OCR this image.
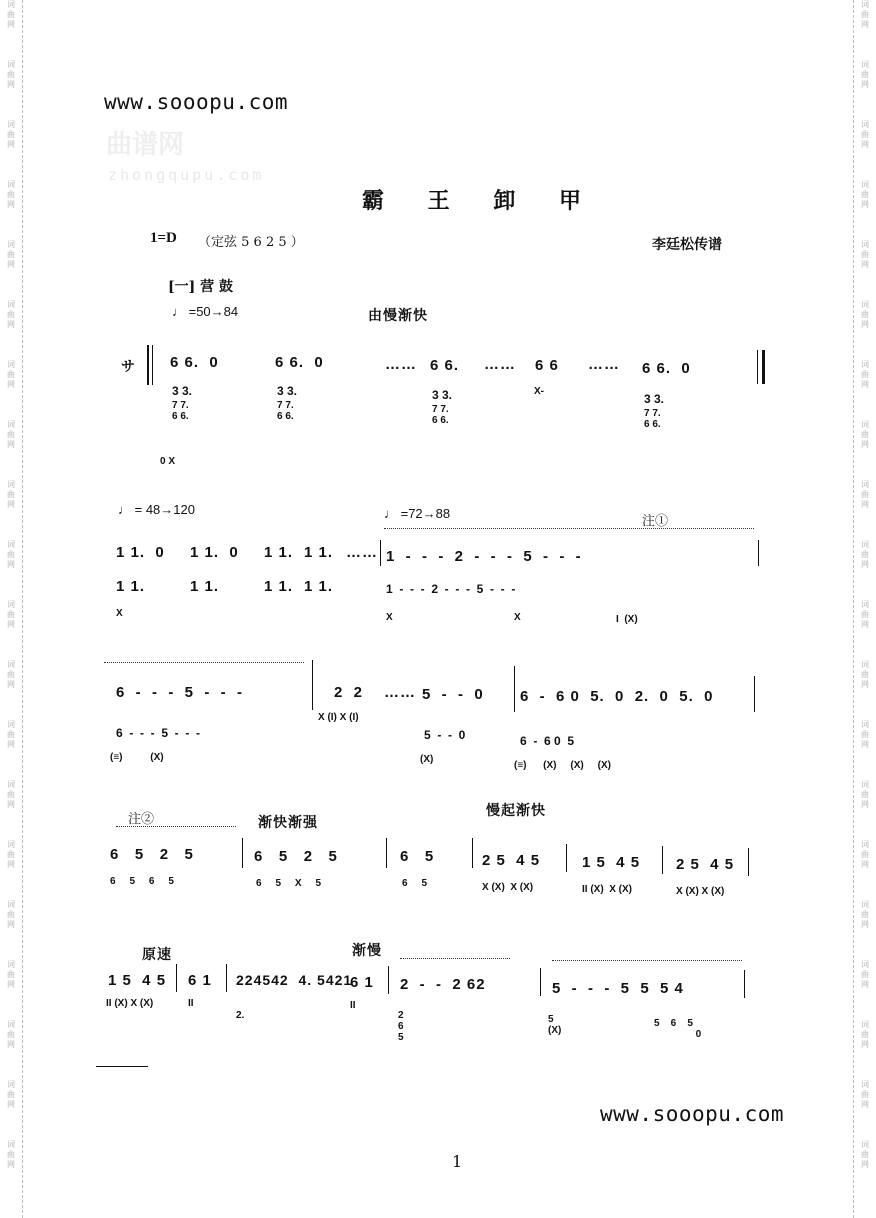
词
曲
网
词
曲
网
词
曲
网
词
曲
网
词
曲
网
词
曲
网
词
曲
网
词
曲
网
词
曲
网
词
曲
网
词
曲
网
词
曲
网
词
曲
网
词
曲
网
词
曲
网
词
曲
网
词
曲
网
词
曲
网
词
曲
网
词
曲
网
词
曲
网
词
曲
网
词
曲
网
词
曲
网
词
曲
网
词
曲
网
词
曲
网
词
曲
网
词
曲
网
词
曲
网
词
曲
网
词
曲
网
词
曲
网
词
曲
网
词
曲
网
词
曲
网
词
曲
网
词
曲
网
词
曲
网
词
曲
网
www.sooopu.com
曲谱网
zhongqupu.com
霸 王 卸 甲
1=D （定弦 5 6 2 5 ）	李廷松传谱
[一] 营 鼓
♩ =50→84	由慢渐快
サ 6 6.  0	6 6.  0	6 6.	6 6	6 6.  0
3 3.	3 3.	3 3.	3 3.
7 7.
6 6.
7 7.
6 6.
7 7.
6 6.
7 7.
6 6.
0 X
X-
……	……	……
♩ = 48→120	♩ =72→88
注①
1 1.  0 1 1.  0 1 1. 1 1. …… 1  -  -  -  2  -  -  -  5  -  -  -
1 1.	1 1.	1 1. 1 1.	1  -  -  -  2  -  -  -  5  -  -  -
X	X	X	I  (X)
6  -  -  -  5  -  -  -	2  2 …… 5  -  -  0 6  -  6 0  5.  0  2.  0  5.  0
6  -  -  -  5  -  -  -	5  -  -  0	6  -  6 0  5
X (I) X (I)
(≡)          (X)	(X)
(≡)      (X)     (X)     (X)
慢起渐快
注②	渐快渐强
6   5   2   5	6   5   2   5	6   5	2 5  4 5	1 5  4 5 2 5  4 5
6     5     6     5	6     5     X     5	6     5	X (X)  X (X)	II (X)  X (X)	X (X) X (X)
原速	渐慢
1 5  4 5 6 1 224542  4. 5421
6 1 2  -  -  2 62	5  -  -  -  5  5  5 4
II (X) X (X)	II
2.
II
2
6
5
5
(X)
5    6    5
0
www.sooopu.com
1
